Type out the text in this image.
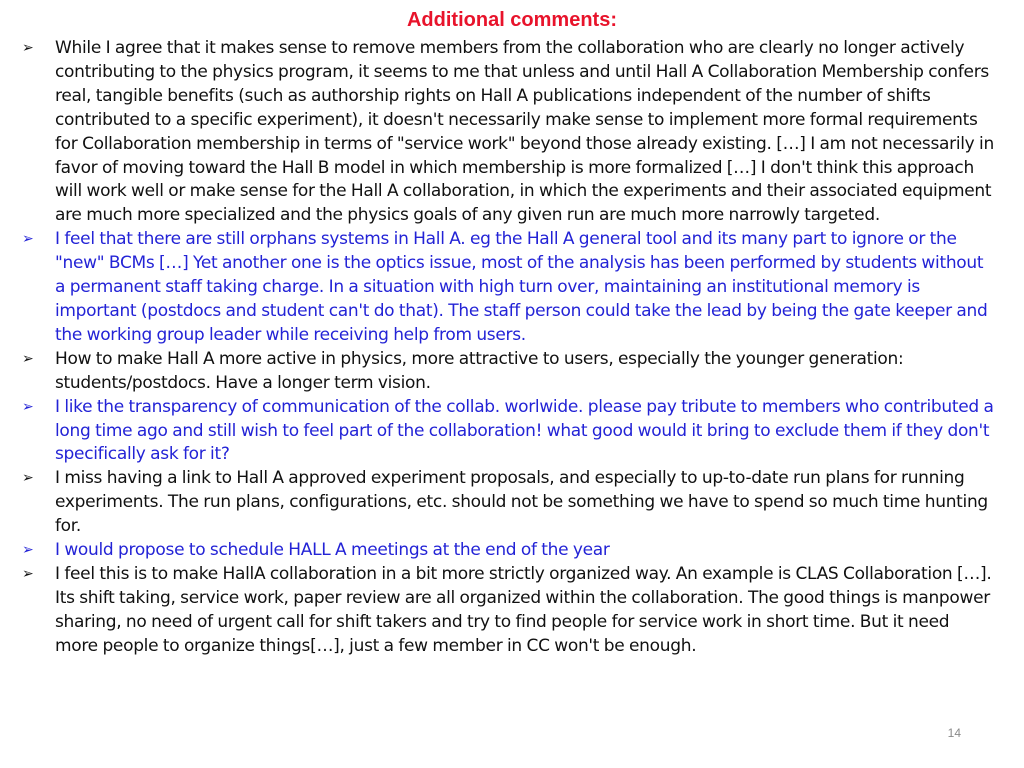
Additional comments:
➢	While I agree that it makes sense to remove members from the collaboration who are clearly no longer actively contributing to the physics program, it seems to me that unless and until Hall A Collaboration Membership confers real, tangible benefits (such as authorship rights on Hall A publications independent of the number of shifts contributed to a specific experiment), it doesn't necessarily make sense to implement more formal requirements for Collaboration membership in terms of "service work" beyond those already existing. […] I am not necessarily in favor of moving toward the Hall B model in which membership is more formalized […] I don't think this approach will work well or make sense for the Hall A collaboration, in which the experiments and their associated equipment are much more specialized and the physics goals of any given run are much more narrowly targeted.
➢	I feel that there are still orphans systems in Hall A. eg the Hall A general tool and its many part to ignore or the "new" BCMs […] Yet another one is the optics issue, most of the analysis has been performed by students without a permanent staff taking charge. In a situation with high turn over, maintaining an institutional memory is important (postdocs and student can't do that). The staff person could take the lead by being the gate keeper and the working group leader while receiving help from users.
➢	How to make Hall A more active in physics, more attractive to users, especially the younger generation: students/postdocs. Have a longer term vision.
➢	I like the transparency of communication of the collab. worlwide. please pay tribute to members who contributed a long time ago and still wish to feel part of the collaboration! what good would it bring to exclude them if they don't specifically ask for it?
➢	I miss having a link to Hall A approved experiment proposals, and especially to up-to-date run plans for running experiments. The run plans, configurations, etc. should not be something we have to spend so much time hunting for.
➢	I would propose to schedule HALL A meetings at the end of the year
➢	I feel this is to make HallA collaboration in a bit more strictly organized way. An example is CLAS Collaboration […]. Its shift taking, service work, paper review are all organized within the collaboration. The good things is manpower sharing, no need of urgent call for shift takers and try to find people for service work in short time. But it need more people to organize things[…], just a few member in CC won't be enough.
14
